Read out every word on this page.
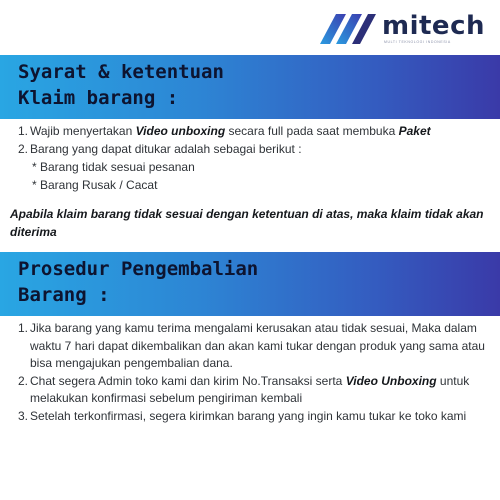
mitech
MULTI TEKNOLOGI INDONESIA
Syarat & ketentuan
Klaim barang :
1. Wajib menyertakan Video unboxing secara full pada saat membuka Paket
2. Barang yang dapat ditukar adalah sebagai berikut :
* Barang tidak sesuai pesanan
* Barang Rusak / Cacat
Apabila klaim barang tidak sesuai dengan ketentuan di atas, maka klaim tidak akan diterima
Prosedur Pengembalian
Barang :
1. Jika barang yang kamu terima mengalami kerusakan atau tidak sesuai, Maka dalam waktu 7 hari dapat dikembalikan dan akan kami tukar dengan produk yang sama atau bisa mengajukan pengembalian dana.
2. Chat segera Admin toko kami dan kirim No.Transaksi serta Video Unboxing untuk melakukan konfirmasi sebelum pengiriman kembali
3. Setelah terkonfirmasi, segera kirimkan barang yang ingin kamu tukar ke toko kami
